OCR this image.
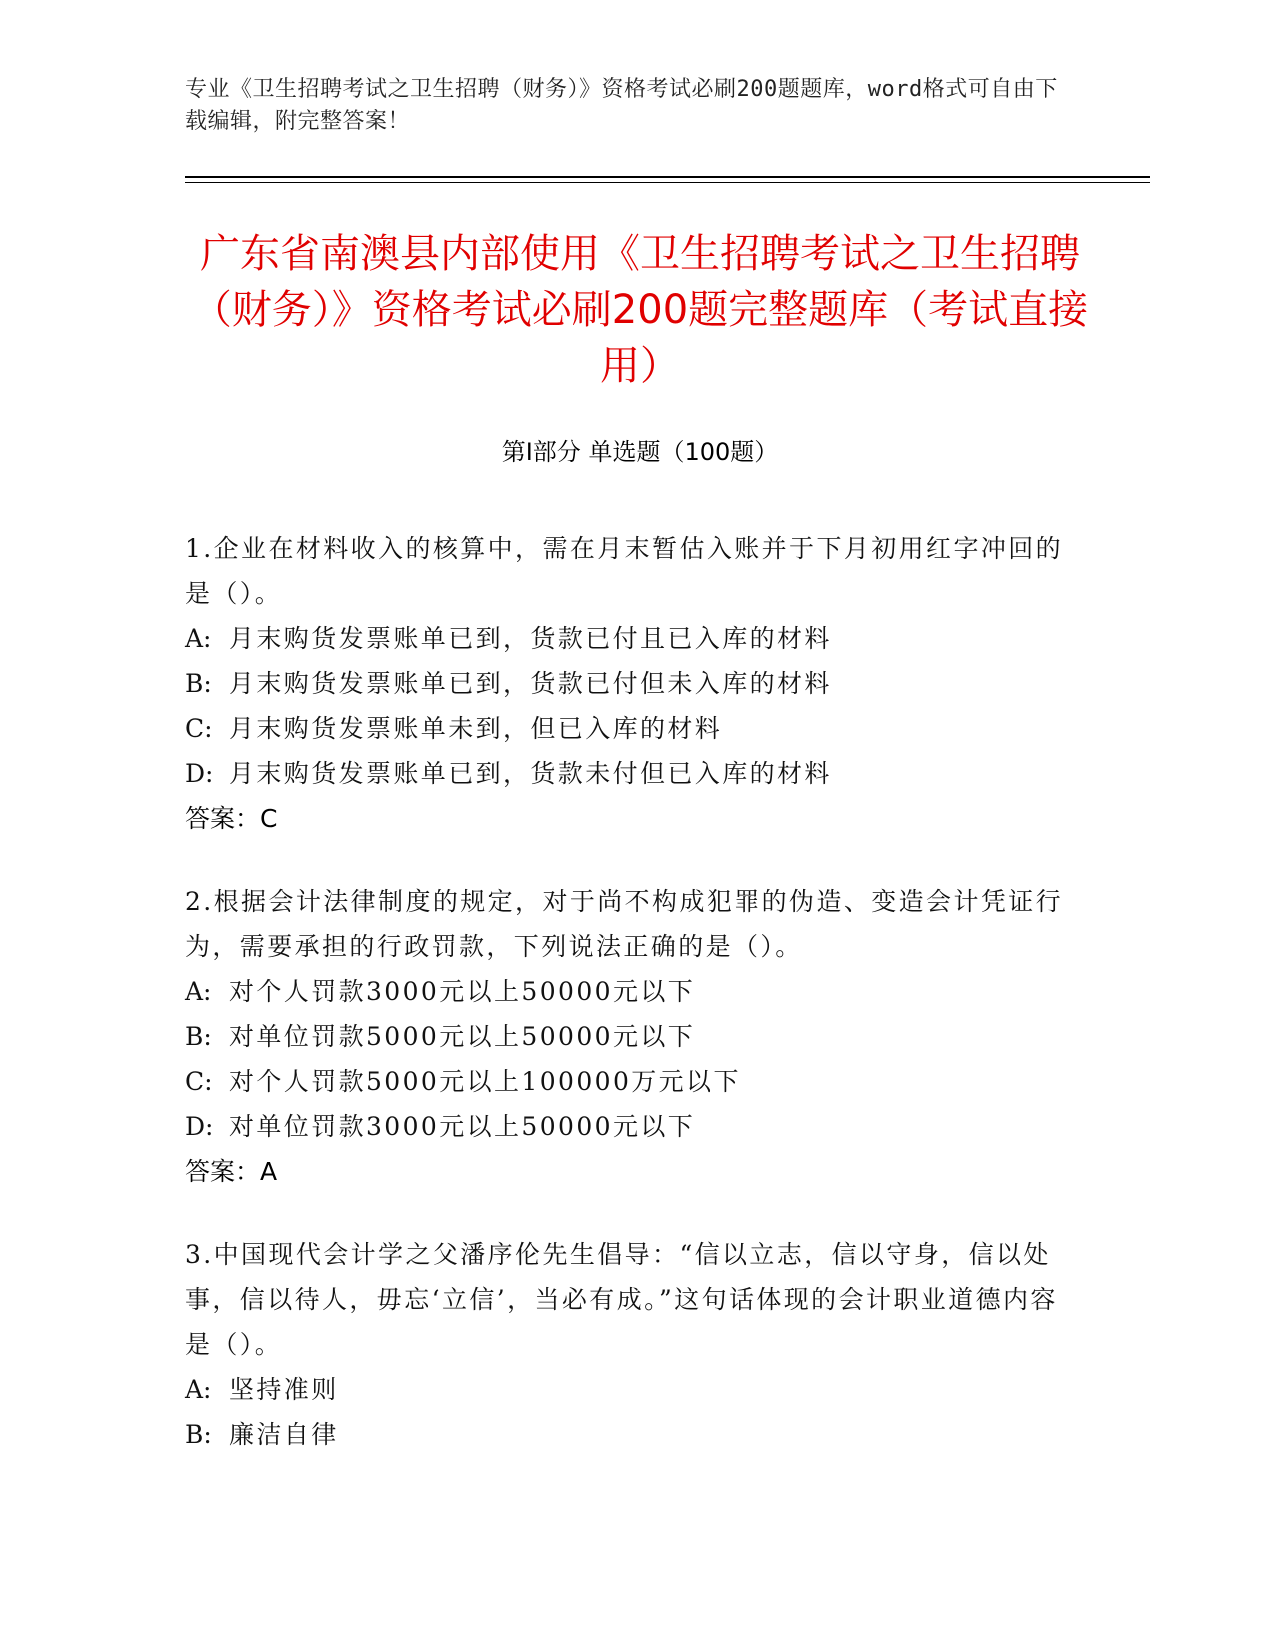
专业《卫生招聘考试之卫生招聘（财务）》资格考试必刷200题题库，word格式可自由下载编辑，附完整答案！
广东省南澳县内部使用《卫生招聘考试之卫生招聘（财务）》资格考试必刷200题完整题库（考试直接用）
第Ⅰ部分 单选题（100题）

1.企业在材料收入的核算中，需在月末暂估入账并于下月初用红字冲回的是（）。

A: 月末购货发票账单已到，货款已付且已入库的材料

B: 月末购货发票账单已到，货款已付但未入库的材料

C: 月末购货发票账单未到，但已入库的材料

D: 月末购货发票账单已到，货款未付但已入库的材料

答案：C

2.根据会计法律制度的规定，对于尚不构成犯罪的伪造、变造会计凭证行为，需要承担的行政罚款，下列说法正确的是（）。

A: 对个人罚款3000元以上50000元以下

B: 对单位罚款5000元以上50000元以下

C: 对个人罚款5000元以上100000万元以下

D: 对单位罚款3000元以上50000元以下

答案：A

3.中国现代会计学之父潘序伦先生倡导：“信以立志，信以守身，信以处事，信以待人，毋忘‘立信’，当必有成。”这句话体现的会计职业道德内容是（）。

A: 坚持准则

B: 廉洁自律
